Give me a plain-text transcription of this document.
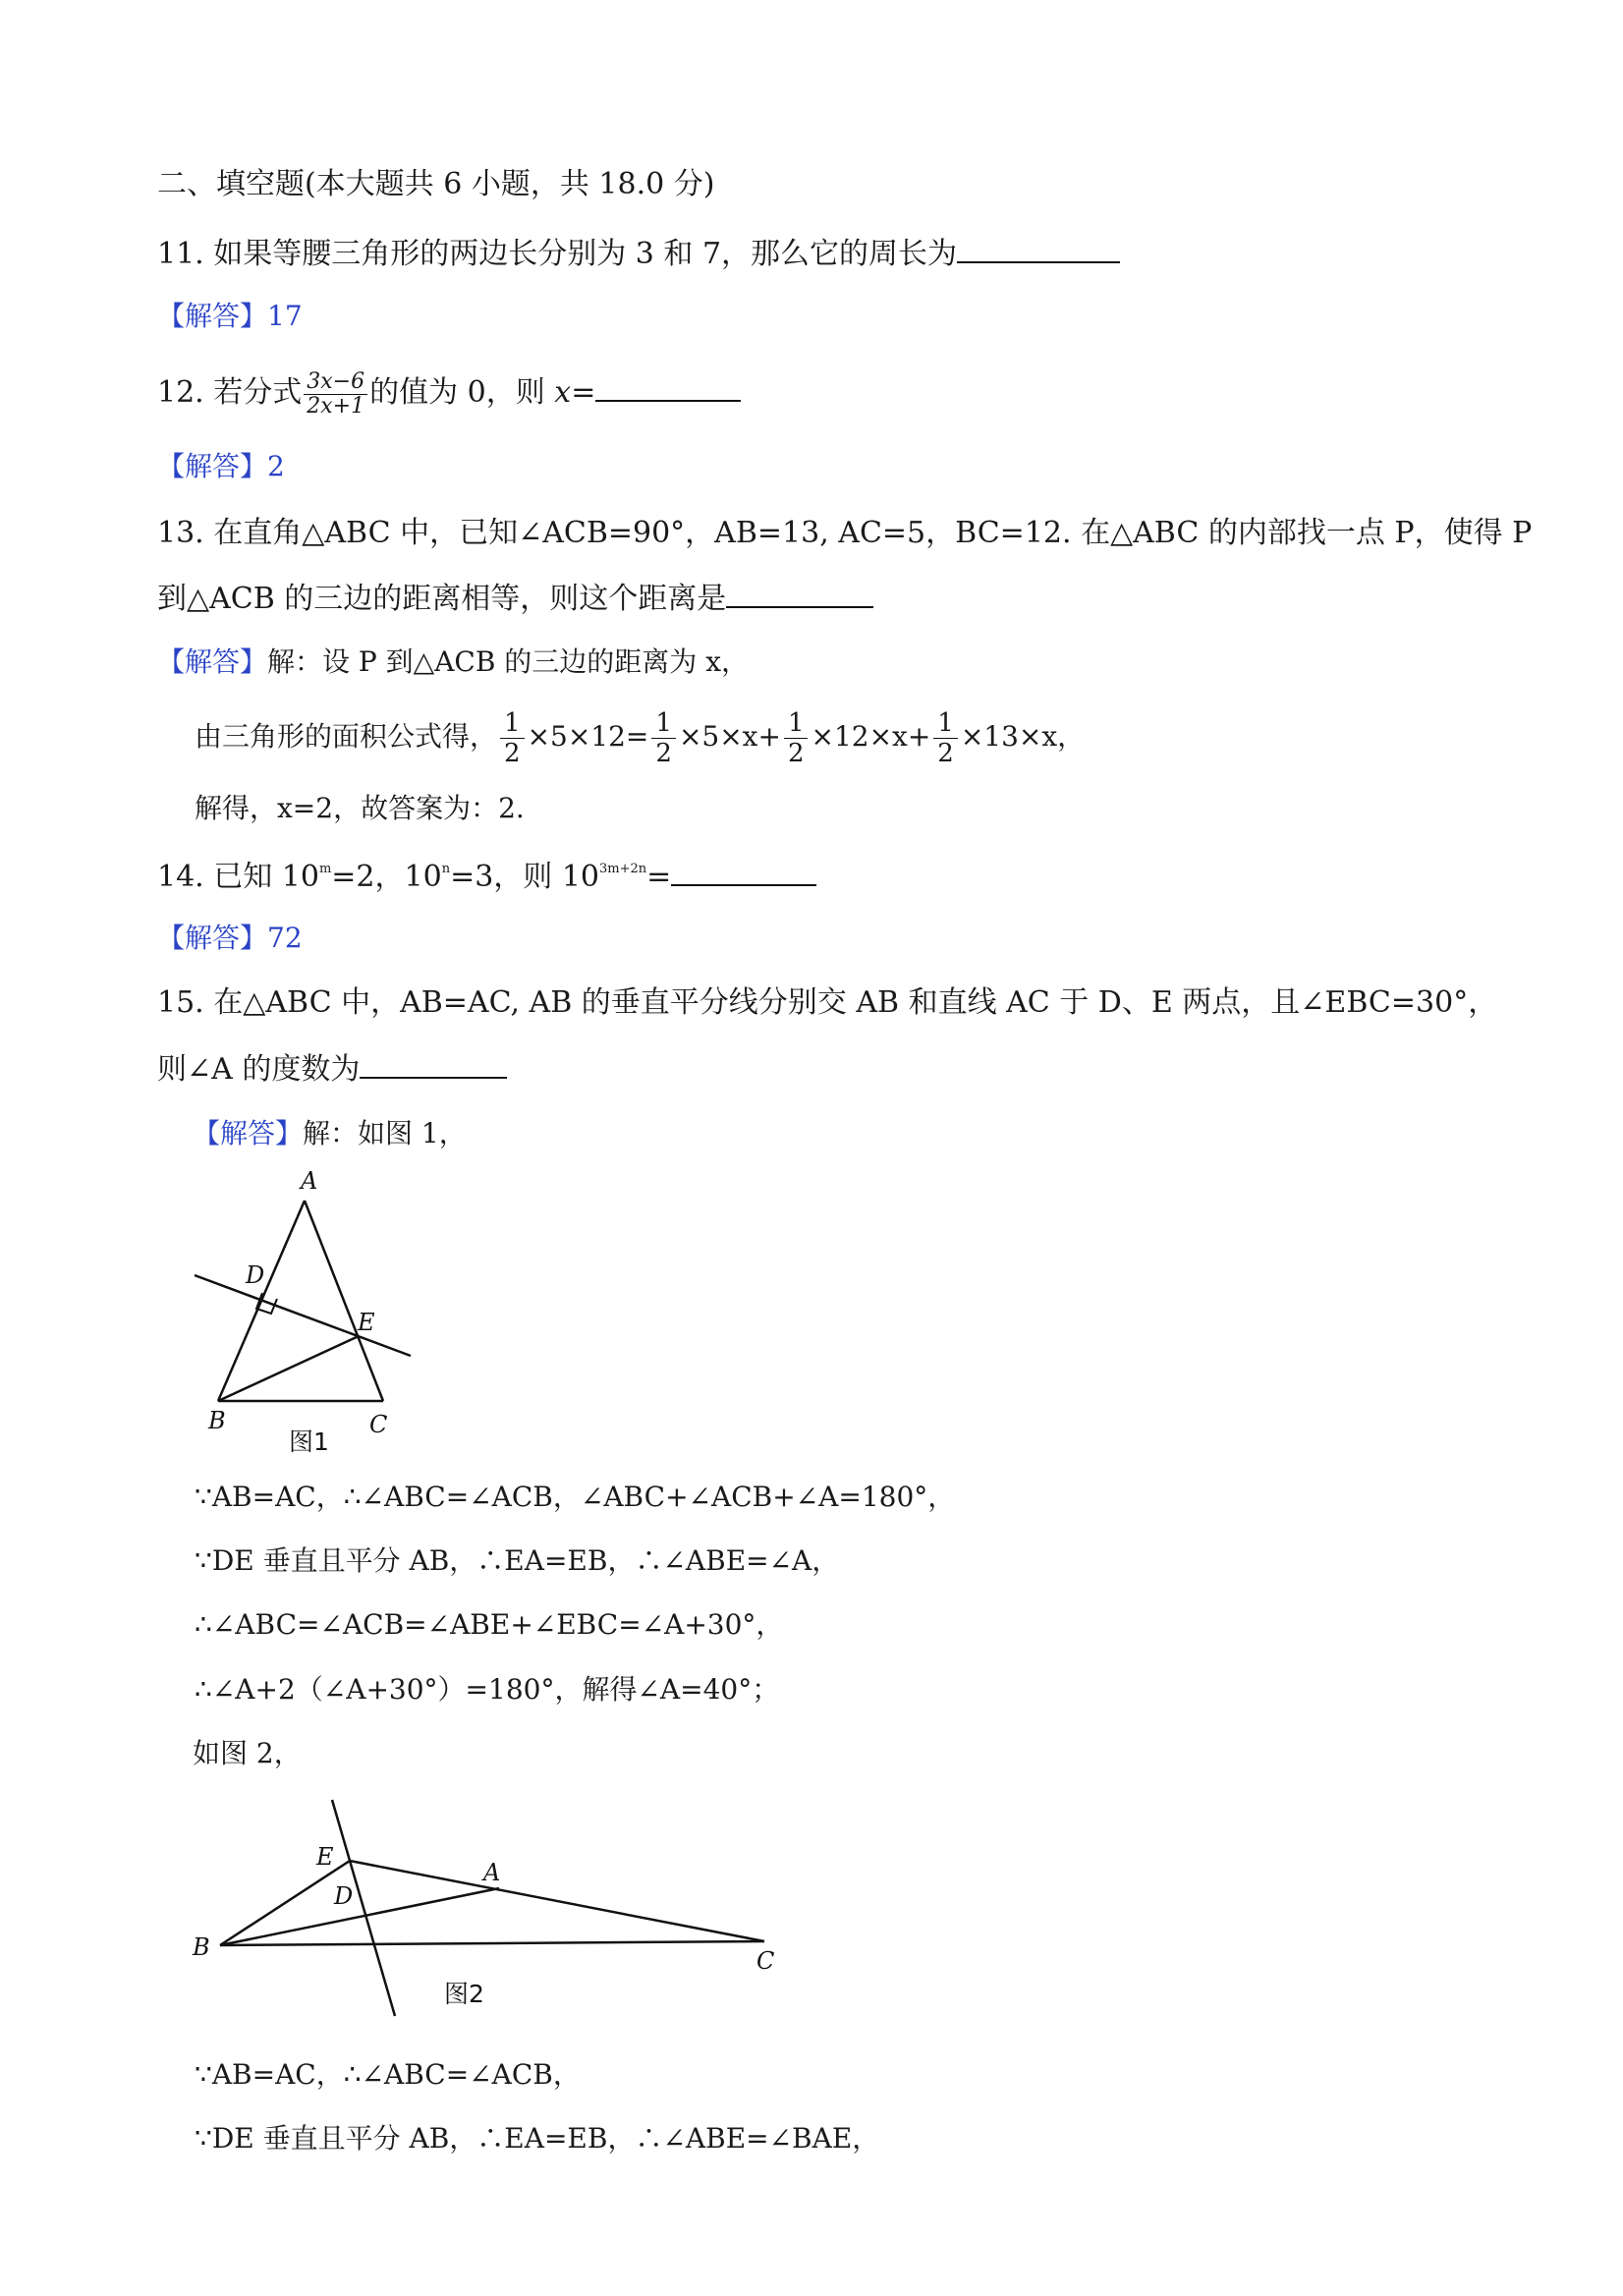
二、填空题(本大题共 6 小题，共 18.0 分)
11. 如果等腰三角形的两边长分别为 3 和 7，那么它的周长为
【解答】17
12. 若分式 $\frac{3x-6}{2x+1}$ 的值为 0，则 x=
【解答】2
13. 在直角△ABC 中，已知∠ACB=90°，AB=13, AC=5，BC=12. 在△ABC 的内部找一点 P，使得 P
到△ACB 的三边的距离相等，则这个距离是
【解答】解：设 P 到△ACB 的三边的距离为 x，
由三角形的面积公式得， $\frac{1}{2} \times 5\times 12= \frac{1}{2} \times 5\times x+ \frac{1}{2} \times 12\times x+ \frac{1}{2} \times 13\times x$，
解得，x=2，故答案为：2.
14. 已知 $10^m=2$，$10^n=3$，则 $10^{3m+2n}=$
【解答】72
15. 在△ABC 中，AB=AC, AB 的垂直平分线分别交 AB 和直线 AC 于 D、E 两点，且∠EBC=30°，
则∠A 的度数为
【解答】解：如图 1，
A
D
E
B	C
图1
∵AB=AC，∴∠ABC=∠ACB，∠ABC+∠ACB+∠A=180°，
∵DE 垂直且平分 AB，∴EA=EB，∴∠ABE=∠A，
∴∠ABC=∠ACB=∠ABE+∠EBC=∠A+30°，
∴∠A+2（∠A+30°）=180°，解得∠A=40°；
如图 2，
E
D
A
B	C
图2
∵AB=AC，∴∠ABC=∠ACB，
∵DE 垂直且平分 AB，∴EA=EB，∴∠ABE=∠BAE，
